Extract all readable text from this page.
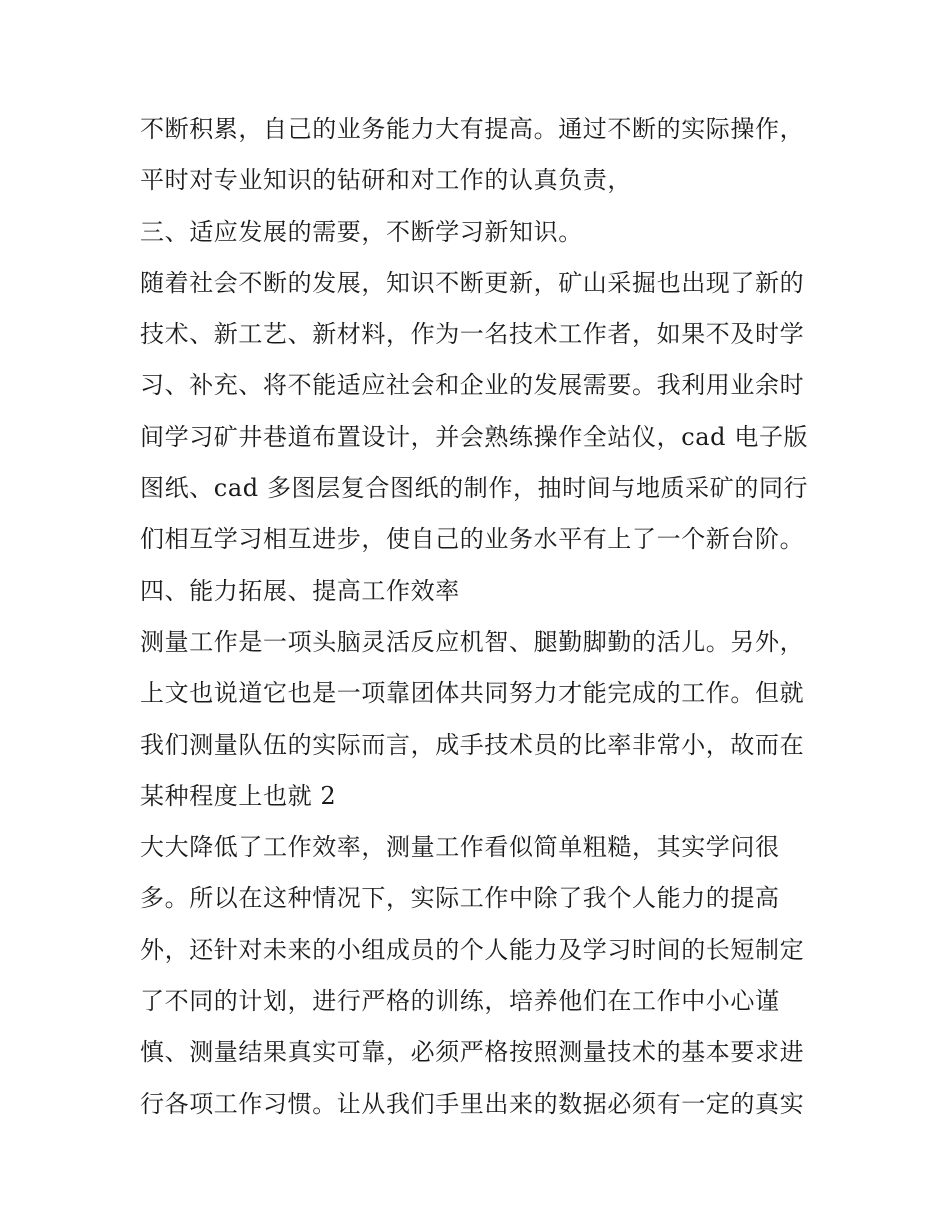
不断积累，自己的业务能力大有提高。通过不断的实际操作，
平时对专业知识的钻研和对工作的认真负责，
三、适应发展的需要，不断学习新知识。
随着社会不断的发展，知识不断更新，矿山采掘也出现了新的
技术、新工艺、新材料，作为一名技术工作者，如果不及时学
习、补充、将不能适应社会和企业的发展需要。我利用业余时
间学习矿井巷道布置设计，并会熟练操作全站仪，cad 电子版
图纸、cad 多图层复合图纸的制作，抽时间与地质采矿的同行
们相互学习相互进步，使自己的业务水平有上了一个新台阶。
四、能力拓展、提高工作效率
测量工作是一项头脑灵活反应机智、腿勤脚勤的活儿。另外，
上文也说道它也是一项靠团体共同努力才能完成的工作。但就
我们测量队伍的实际而言，成手技术员的比率非常小，故而在
某种程度上也就 2
大大降低了工作效率，测量工作看似简单粗糙，其实学问很
多。所以在这种情况下，实际工作中除了我个人能力的提高
外，还针对未来的小组成员的个人能力及学习时间的长短制定
了不同的计划，进行严格的训练，培养他们在工作中小心谨
慎、测量结果真实可靠，必须严格按照测量技术的基本要求进
行各项工作习惯。让从我们手里出来的数据必须有一定的真实
